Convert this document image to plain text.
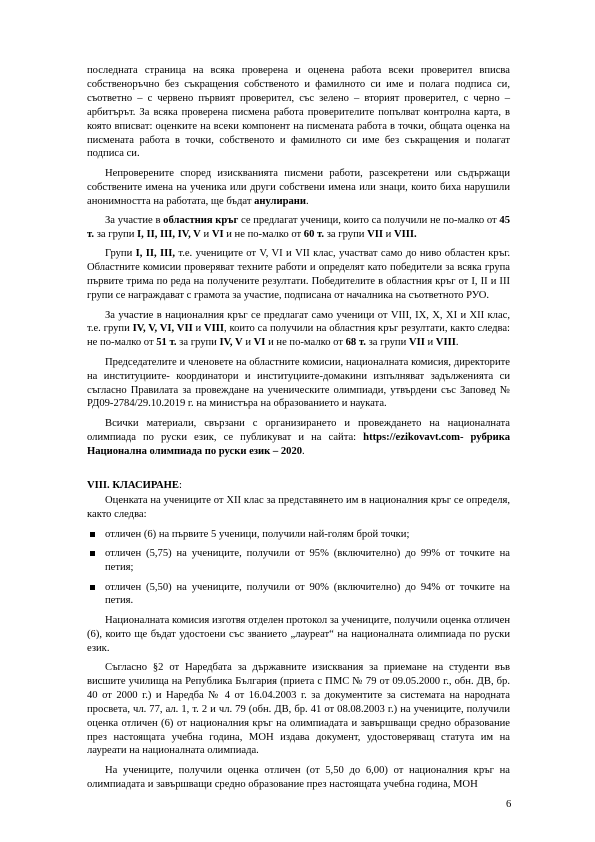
последната страница на всяка проверена и оценена работа всеки проверител вписва собственоръчно без съкращения собственото и фамилното си име и полага подписа си, съответно – с червено първият проверител, със зелено – вторият проверител, с черно – арбитърът. За всяка проверена писмена работа проверителите попълват контролна карта, в която вписват: оценките на всеки компонент на писмената работа в точки, общата оценка на писмената работа в точки, собственото и фамилното си име без съкращения и полагат подписа си.

Непроверените според изискванията писмени работи, разсекретени или съдържащи собствените имена на ученика или други собствени имена или знаци, които биха нарушили анонимността на работата, ще бъдат анулирани.

За участие в областния кръг се предлагат ученици, които са получили не по-малко от 45 т. за групи I, II, III, IV, V и VI и не по-малко от 60 т. за групи VII и VIII.

Групи I, II, III, т.е. учениците от V, VI и VII клас, участват само до ниво областен кръг. Областните комисии проверяват техните работи и определят като победители за всяка група първите трима по реда на получените резултати. Победителите в областния кръг от I, II и III групи се награждават с грамота за участие, подписана от началника на съответното РУО.

За участие в националния кръг се предлагат само ученици от VIII, IX, X, XI и XII клас, т.е. групи IV, V, VI, VII и VIII, които са получили на областния кръг резултати, както следва: не по-малко от 51 т. за групи IV, V и VI и не по-малко от 68 т. за групи VII и VIII.

Председателите и членовете на областните комисии, националната комисия, директорите на институциите- координатори и институциите-домакини изпълняват задълженията си съгласно Правилата за провеждане на ученическите олимпиади, утвърдени със Заповед № РД09-2784/29.10.2019 г. на министъра на образованието и науката.

Всички материали, свързани с организирането и провеждането на националната олимпиада по руски език, се публикуват и на сайта: https://ezikovavt.com- рубрика Национална олимпиада по руски език – 2020.

VIII. КЛАСИРАНЕ:

Оценката на учениците от XII клас за представянето им в националния кръг се определя, както следва:

отличен (6) на първите 5 ученици, получили най-голям брой точки;

отличен (5,75) на учениците, получили от 95% (включително) до 99% от точките на петия;

отличен (5,50) на учениците, получили от 90% (включително) до 94% от точките на петия.

Националната комисия изготвя отделен протокол за учениците, получили оценка отличен (6), които ще бъдат удостоени със званието „лауреат“ на националната олимпиада по руски език.

Съгласно §2 от Наредбата за държавните изисквания за приемане на студенти във висшите училища на Република България (приета с ПМС № 79 от 09.05.2000 г., обн. ДВ, бр. 40 от 2000 г.) и Наредба № 4 от 16.04.2003 г. за документите за системата на народната просвета, чл. 77, ал. 1, т. 2 и чл. 79 (обн. ДВ, бр. 41 от 08.08.2003 г.) на учениците, получили оценка отличен (6) от националния кръг на олимпиадата и завършващи средно образование през настоящата учебна година, МОН издава документ, удостоверяващ статута им на лауреати на националната олимпиада.

На учениците, получили оценка отличен (от 5,50 до 6,00) от националния кръг на олимпиадата и завършващи средно образование през настоящата учебна година, МОН

6
